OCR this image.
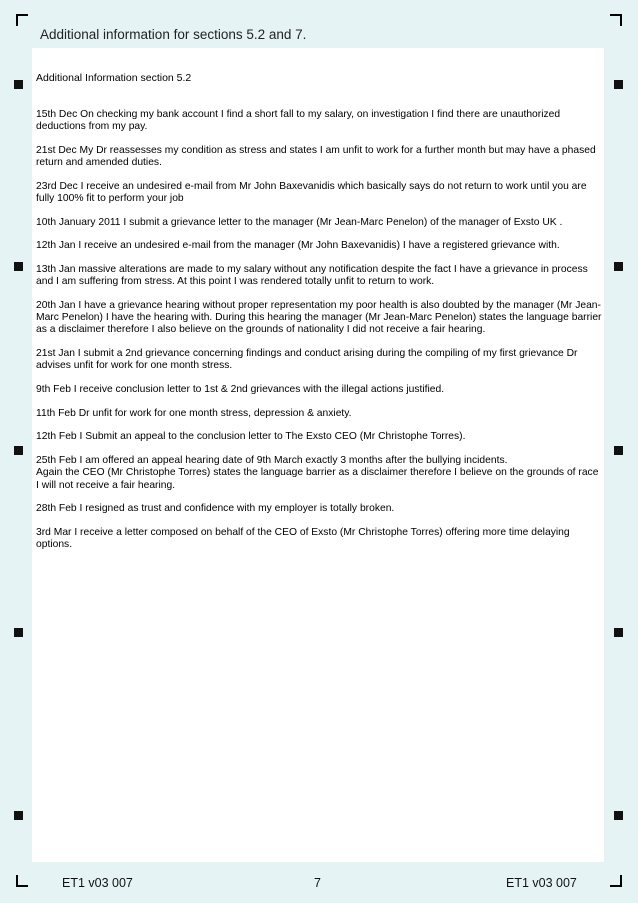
Additional information for sections 5.2 and 7.
Additional Information section 5.2

15th Dec On checking my bank account I find a short fall to my salary, on investigation I find there are unauthorized deductions from my pay.

21st Dec My Dr reassesses my condition as stress and states I am unfit to work for a further month but may have a phased return and amended duties.

23rd Dec I receive an undesired e-mail from Mr John Baxevanidis which basically says do not return to work until you are fully 100% fit to perform your job

10th January 2011 I submit a grievance letter to the manager (Mr Jean-Marc Penelon) of the manager of Exsto UK .

12th Jan I receive an undesired e-mail from the manager (Mr John Baxevanidis) I have a registered grievance with.

13th Jan massive alterations are made to my salary without any notification despite the fact I have a grievance in process and I am suffering from stress. At this point I was rendered totally unfit to return to work.

20th Jan I have a grievance hearing without proper representation my poor health is also doubted by the manager (Mr Jean-Marc Penelon) I have the hearing with. During this hearing the manager (Mr Jean-Marc Penelon) states the language barrier as a disclaimer therefore I also believe on the grounds of nationality I did not receive a fair hearing.

21st Jan I submit a 2nd grievance concerning findings and conduct arising during the compiling of my first grievance Dr advises unfit for work for one month stress.

9th Feb I receive conclusion letter to 1st & 2nd grievances with the illegal actions justified.

11th Feb Dr unfit for work for one month stress, depression & anxiety.

12th Feb I Submit an appeal to the conclusion letter to The Exsto CEO (Mr Christophe Torres).

25th Feb I am offered an appeal hearing date of 9th March exactly 3 months after the bullying incidents.
Again the CEO (Mr Christophe Torres) states the language barrier as a disclaimer therefore I believe on the grounds of race I will not receive a fair hearing.

28th Feb I resigned as trust and confidence with my employer is totally broken.

3rd Mar I receive a letter composed on behalf of the CEO of Exsto (Mr Christophe Torres) offering more time delaying options.

ET1 v03 007	7	ET1 v03 007
